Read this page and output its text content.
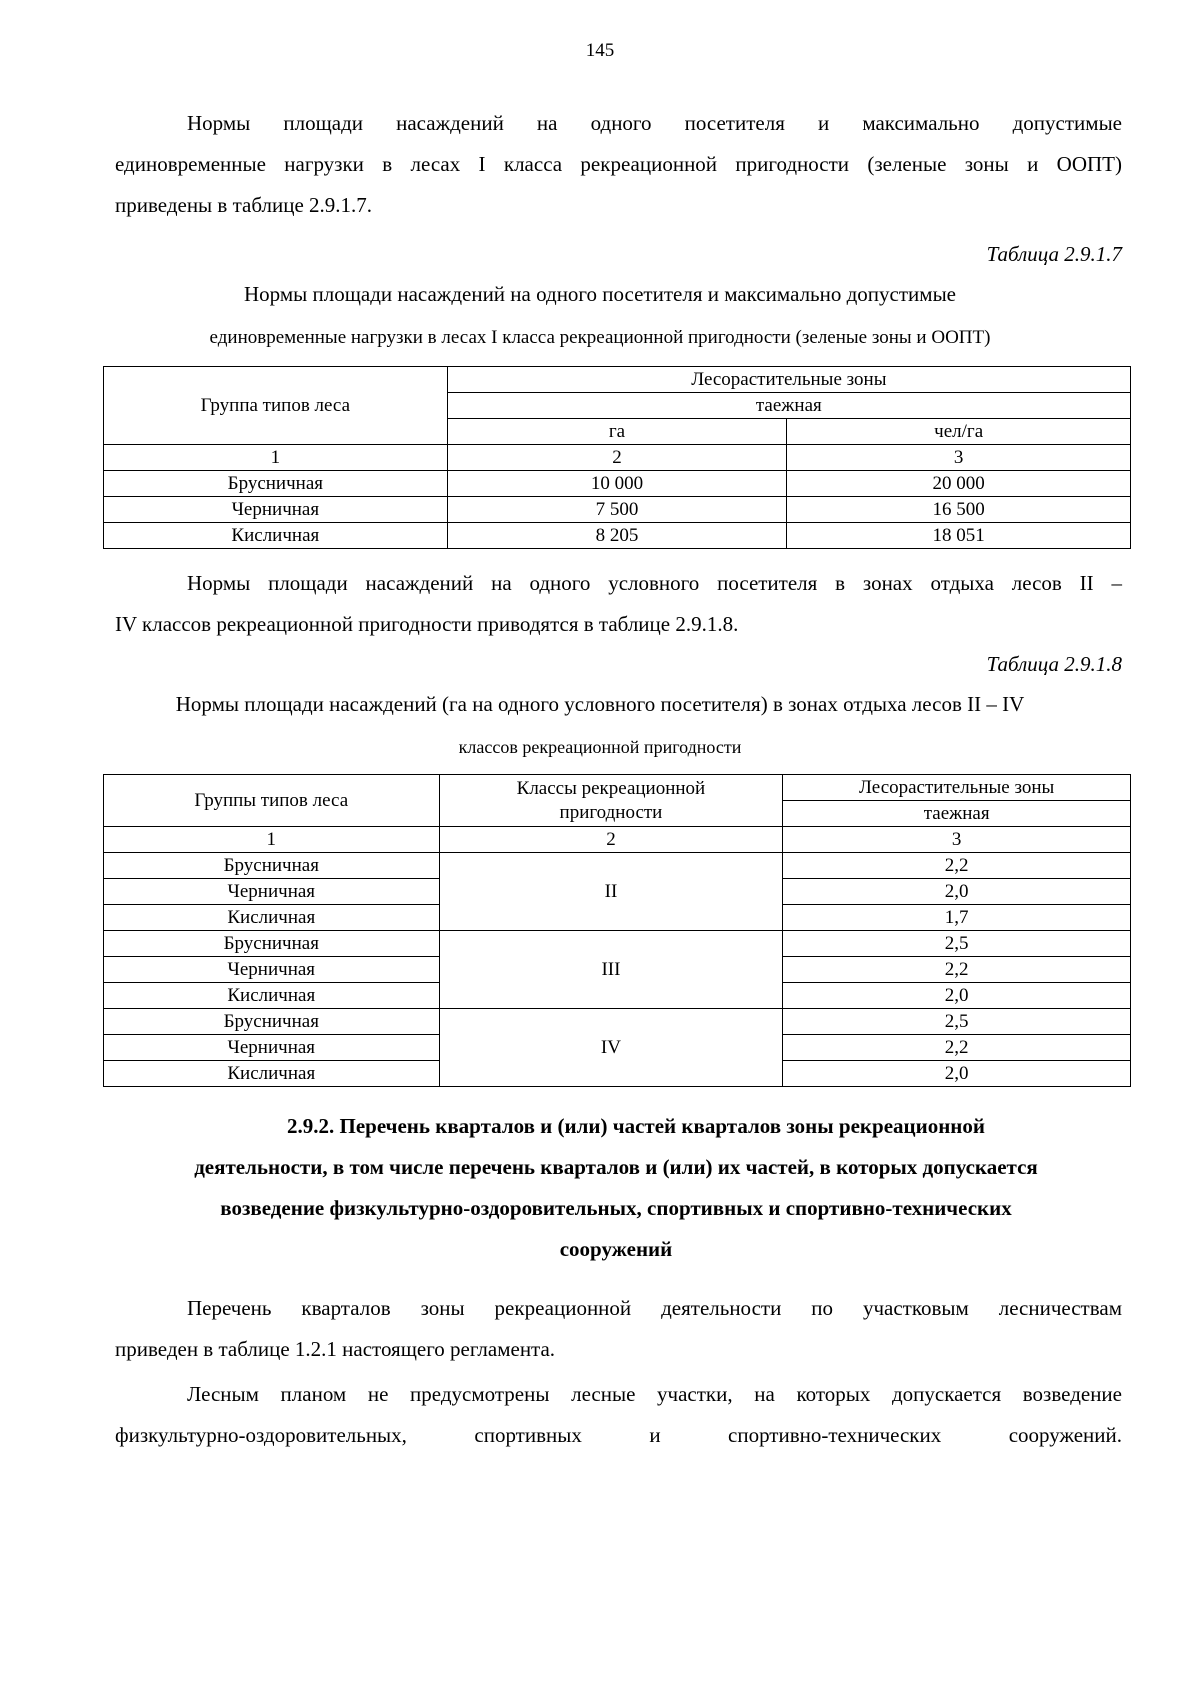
145
Нормы площади насаждений на одного посетителя и максимально допустимые
единовременные нагрузки в лесах I класса рекреационной пригодности (зеленые зоны и ООПТ)
приведены в таблице 2.9.1.7.
Таблица 2.9.1.7
Нормы площади насаждений на одного посетителя и максимально допустимые
единовременные нагрузки в лесах I класса рекреационной пригодности (зеленые зоны и ООПТ)
Группа типов леса	Лесорастительные зоны	
	таежная	
	га	чел/га
1	2	3
Брусничная	10 000	20 000
Черничная	7 500	16 500
Кисличная	8 205	18 051
Нормы площади насаждений на одного условного посетителя в зонах отдыха лесов II –
IV классов рекреационной пригодности приводятся в таблице 2.9.1.8.
Таблица 2.9.1.8
Нормы площади насаждений (га на одного условного посетителя) в зонах отдыха лесов II – IV
классов рекреационной пригодности
Группы типов леса	Классы рекреационной пригодности	Лесорастительные зоны
		таежная
1	2	3
Брусничная	II	2,2
Черничная		2,0
Кисличная		1,7
Брусничная	III	2,5
Черничная		2,2
Кисличная		2,0
Брусничная	IV	2,5
Черничная		2,2
Кисличная		2,0
2.9.2. Перечень кварталов и (или) частей кварталов зоны рекреационной
деятельности, в том числе перечень кварталов и (или) их частей, в которых допускается
возведение физкультурно-оздоровительных, спортивных и спортивно-технических
сооружений
Перечень кварталов зоны рекреационной деятельности по участковым лесничествам
приведен в таблице 1.2.1 настоящего регламента.
Лесным планом не предусмотрены лесные участки, на которых допускается возведение
физкультурно-оздоровительных, спортивных и спортивно-технических сооружений.
